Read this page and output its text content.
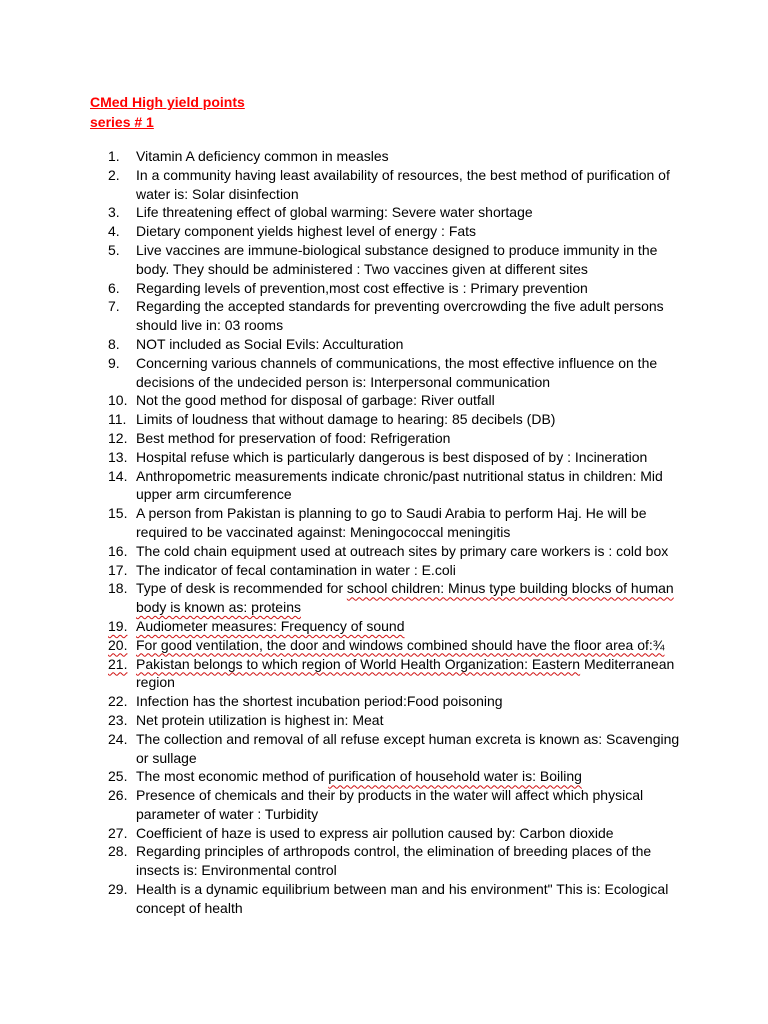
CMed High yield points
series # 1
1.	Vitamin A deficiency common in measles
2.	In a community having least availability of resources, the best method of purification of water is: Solar disinfection
3.	Life threatening effect of global warming: Severe water shortage
4.	Dietary component yields highest level of energy : Fats
5.	Live vaccines are immune-biological substance designed to produce immunity in the body. They should be administered : Two vaccines given at different sites
6.	Regarding levels of prevention,most cost effective is : Primary prevention
7.	Regarding the accepted standards for preventing overcrowding the five adult persons should live in: 03 rooms
8.	NOT included as Social Evils: Acculturation
9.	Concerning various channels of communications, the most effective influence on the decisions of the undecided person is: Interpersonal communication
10. Not the good method for disposal of garbage: River outfall
11. Limits of loudness that without damage to hearing: 85 decibels (DB)
12. Best method for preservation of food: Refrigeration
13. Hospital refuse which is particularly dangerous is best disposed of by : Incineration
14. Anthropometric measurements indicate chronic/past nutritional status in children: Mid upper arm circumference
15. A person from Pakistan is planning to go to Saudi Arabia to perform Haj. He will be required to be vaccinated against: Meningococcal meningitis
16. The cold chain equipment used at outreach sites by primary care workers is : cold box
17. The indicator of fecal contamination in water : E.coli
18. Type of desk is recommended for school children: Minus type building blocks of human body is known as: proteins
19. Audiometer measures: Frequency of sound
20. For good ventilation, the door and windows combined should have the floor area of:¾
21. Pakistan belongs to which region of World Health Organization: Eastern Mediterranean region
22. Infection has the shortest incubation period:Food poisoning
23. Net protein utilization is highest in: Meat
24. The collection and removal of all refuse except human excreta is known as: Scavenging or sullage
25. The most economic method of purification of household water is: Boiling
26. Presence of chemicals and their by products in the water will affect which physical parameter of water : Turbidity
27. Coefficient of haze is used to express air pollution caused by: Carbon dioxide
28. Regarding principles of arthropods control, the elimination of breeding places of the insects is: Environmental control
29. Health is a dynamic equilibrium between man and his environment" This is: Ecological concept of health
